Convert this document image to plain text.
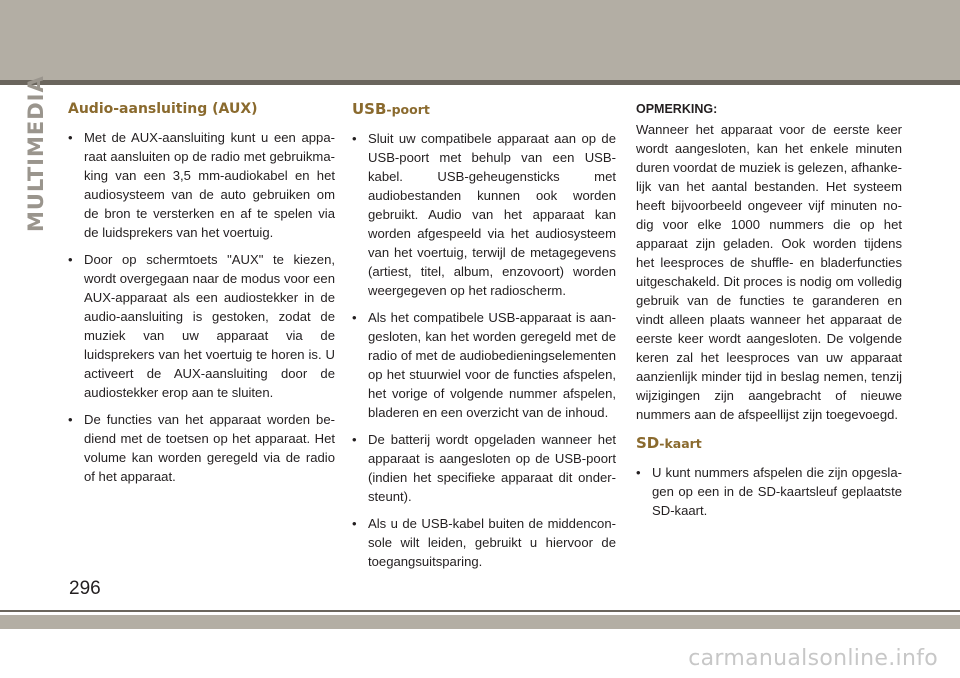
MULTIMEDIA Audio-aansluiting (AUX)
• Met de AUX-aansluiting kunt u een apparaat aansluiten op de radio met gebruikmaking van een 3,5 mm-audiokabel en het audiosysteem van de auto gebruiken om de bron te versterken en af te spelen via de luidsprekers van het voertuig.
• Door op schermtoets "AUX" te kiezen, wordt overgegaan naar de modus voor een AUX-apparaat als een audiostekker in de audio-aansluiting is gestoken, zodat de muziek van uw apparaat via de luidsprekers van het voertuig te horen is. U activeert de AUX-aansluiting door de audiostekker erop aan te sluiten.
• De functies van het apparaat worden bediend met de toetsen op het apparaat. Het volume kan worden geregeld via de radio of het apparaat.
USB-poort
• Sluit uw compatibele apparaat aan op de USB-poort met behulp van een USB-kabel. USB-geheugensticks met audiobestanden kunnen ook worden gebruikt. Audio van het apparaat kan worden afgespeeld via het audiosysteem van het voertuig, terwijl de metagegevens (artiest, titel, album, enzovoort) worden weergegeven op het radioscherm.
• Als het compatibele USB-apparaat is aangesloten, kan het worden geregeld met de radio of met de audiobedieningselementen op het stuurwiel voor de functies afspelen, het vorige of volgende nummer afspelen, bladeren en een overzicht van de inhoud.
• De batterij wordt opgeladen wanneer het apparaat is aangesloten op de USB-poort (indien het specifieke apparaat dit ondersteunt).
• Als u de USB-kabel buiten de middenconsole wilt leiden, gebruikt u hiervoor de toegangsuitsparing.
OPMERKING:

Wanneer het apparaat voor de eerste keer wordt aangesloten, kan het enkele minuten duren voordat de muziek is gelezen, afhankelijk van het aantal bestanden. Het systeem heeft bijvoorbeeld ongeveer vijf minuten nodig voor elke 1000 nummers die op het apparaat zijn geladen. Ook worden tijdens het leesproces de shuffle- en bladerfuncties uitgeschakeld. Dit proces is nodig om volledig gebruik van de functies te garanderen en vindt alleen plaats wanneer het apparaat de eerste keer wordt aangesloten. De volgende keren zal het leesproces van uw apparaat aanzienlijk minder tijd in beslag nemen, tenzij wijzigingen zijn aangebracht of nieuwe nummers aan de afspeellijst zijn toegevoegd.

SD-kaart
• U kunt nummers afspelen die zijn opgeslagen op een in de SD-kaartsleuf geplaatste SD-kaart.
296
carmanualsonline.info
